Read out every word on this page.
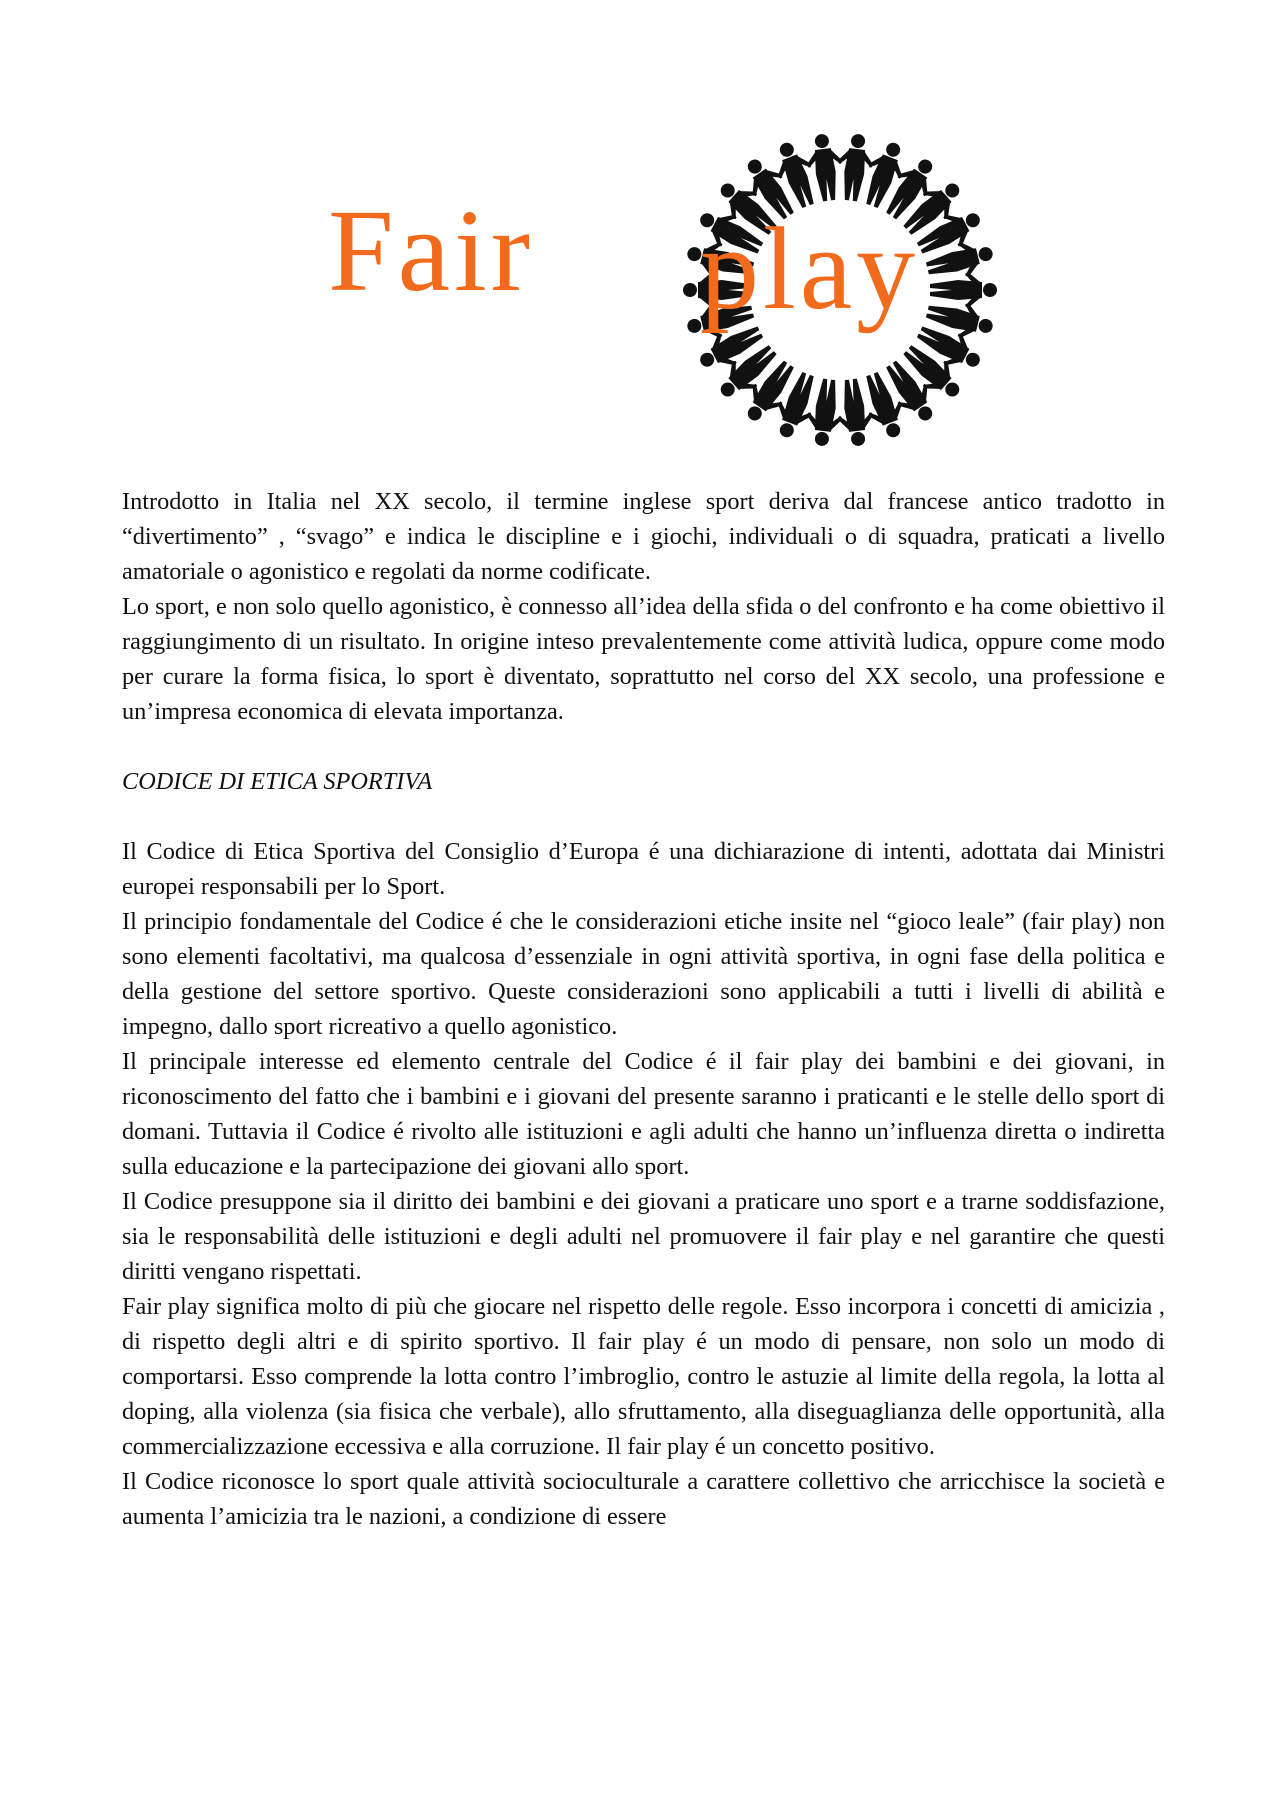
Fair play

Introdotto in Italia nel XX secolo, il termine inglese sport deriva dal francese antico tradotto in “divertimento” , “svago” e indica le discipline e i giochi, individuali o di squadra, praticati a livello amatoriale o agonistico e regolati da norme codificate.

Lo sport, e non solo quello agonistico, è connesso all’idea della sfida o del confronto e ha come obiettivo il raggiungimento di un risultato. In origine inteso prevalentemente come attività ludica, oppure come modo per curare la forma fisica, lo sport è diventato, soprattutto nel corso del XX secolo, una professione e un’impresa economica di elevata importanza.

CODICE DI ETICA SPORTIVA

Il Codice di Etica Sportiva del Consiglio d’Europa é una dichiarazione di intenti, adottata dai Ministri europei responsabili per lo Sport.

Il principio fondamentale del Codice é che le considerazioni etiche insite nel “gioco leale” (fair play) non sono elementi facoltativi, ma qualcosa d’essenziale in ogni attività sportiva, in ogni fase della politica e della gestione del settore sportivo. Queste considerazioni sono applicabili a tutti i livelli di abilità e impegno, dallo sport ricreativo a quello agonistico.

Il principale interesse ed elemento centrale del Codice é il fair play dei bambini e dei giovani, in riconoscimento del fatto che i bambini e i giovani del presente saranno i praticanti e le stelle dello sport di domani. Tuttavia il Codice é rivolto alle istituzioni e agli adulti che hanno un’influenza diretta o indiretta sulla educazione e la partecipazione dei giovani allo sport.

Il Codice presuppone sia il diritto dei bambini e dei giovani a praticare uno sport e a trarne soddisfazione, sia le responsabilità delle istituzioni e degli adulti nel promuovere il fair play e nel garantire che questi diritti vengano rispettati.

Fair play significa molto di più che giocare nel rispetto delle regole. Esso incorpora i concetti di amicizia , di rispetto degli altri e di spirito sportivo. Il fair play é un modo di pensare, non solo un modo di comportarsi. Esso comprende la lotta contro l’imbroglio, contro le astuzie al limite della regola, la lotta al doping, alla violenza (sia fisica che verbale), allo sfruttamento, alla diseguaglianza delle opportunità, alla commercializzazione eccessiva e alla corruzione. Il fair play é un concetto positivo.

Il Codice riconosce lo sport quale attività socioculturale a carattere collettivo che arricchisce la società e aumenta l’amicizia tra le nazioni, a condizione di essere
